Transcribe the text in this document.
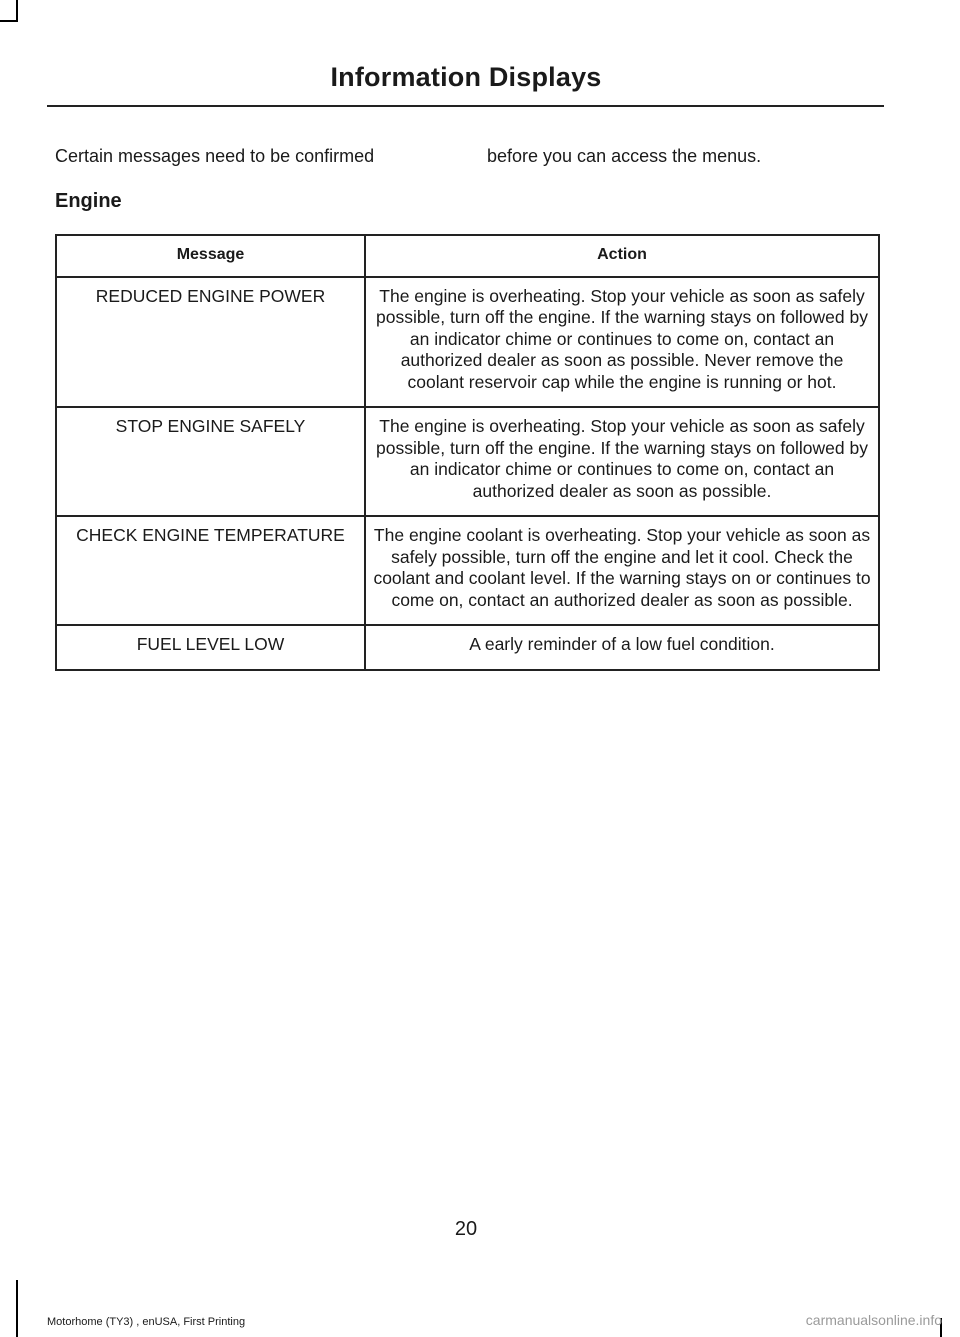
Information Displays
Certain messages need to be confirmed	before you can access the menus.
Engine
Message	Action
REDUCED ENGINE POWER	The engine is overheating. Stop your vehicle as soon as safely possible, turn off the engine. If the warning stays on followed by an indicator chime or continues to come on, contact an authorized dealer as soon as possible. Never remove the coolant reservoir cap while the engine is running or hot.
STOP ENGINE SAFELY	The engine is overheating. Stop your vehicle as soon as safely possible, turn off the engine. If the warning stays on followed by an indicator chime or continues to come on, contact an authorized dealer as soon as possible.
CHECK ENGINE TEMPERATURE	The engine coolant is overheating. Stop your vehicle as soon as safely possible, turn off the engine and let it cool. Check the coolant and coolant level. If the warning stays on or continues to come on, contact an authorized dealer as soon as possible.
FUEL LEVEL LOW	A early reminder of a low fuel condition.
20
Motorhome (TY3) , enUSA, First Printing	carmanualsonline.info
